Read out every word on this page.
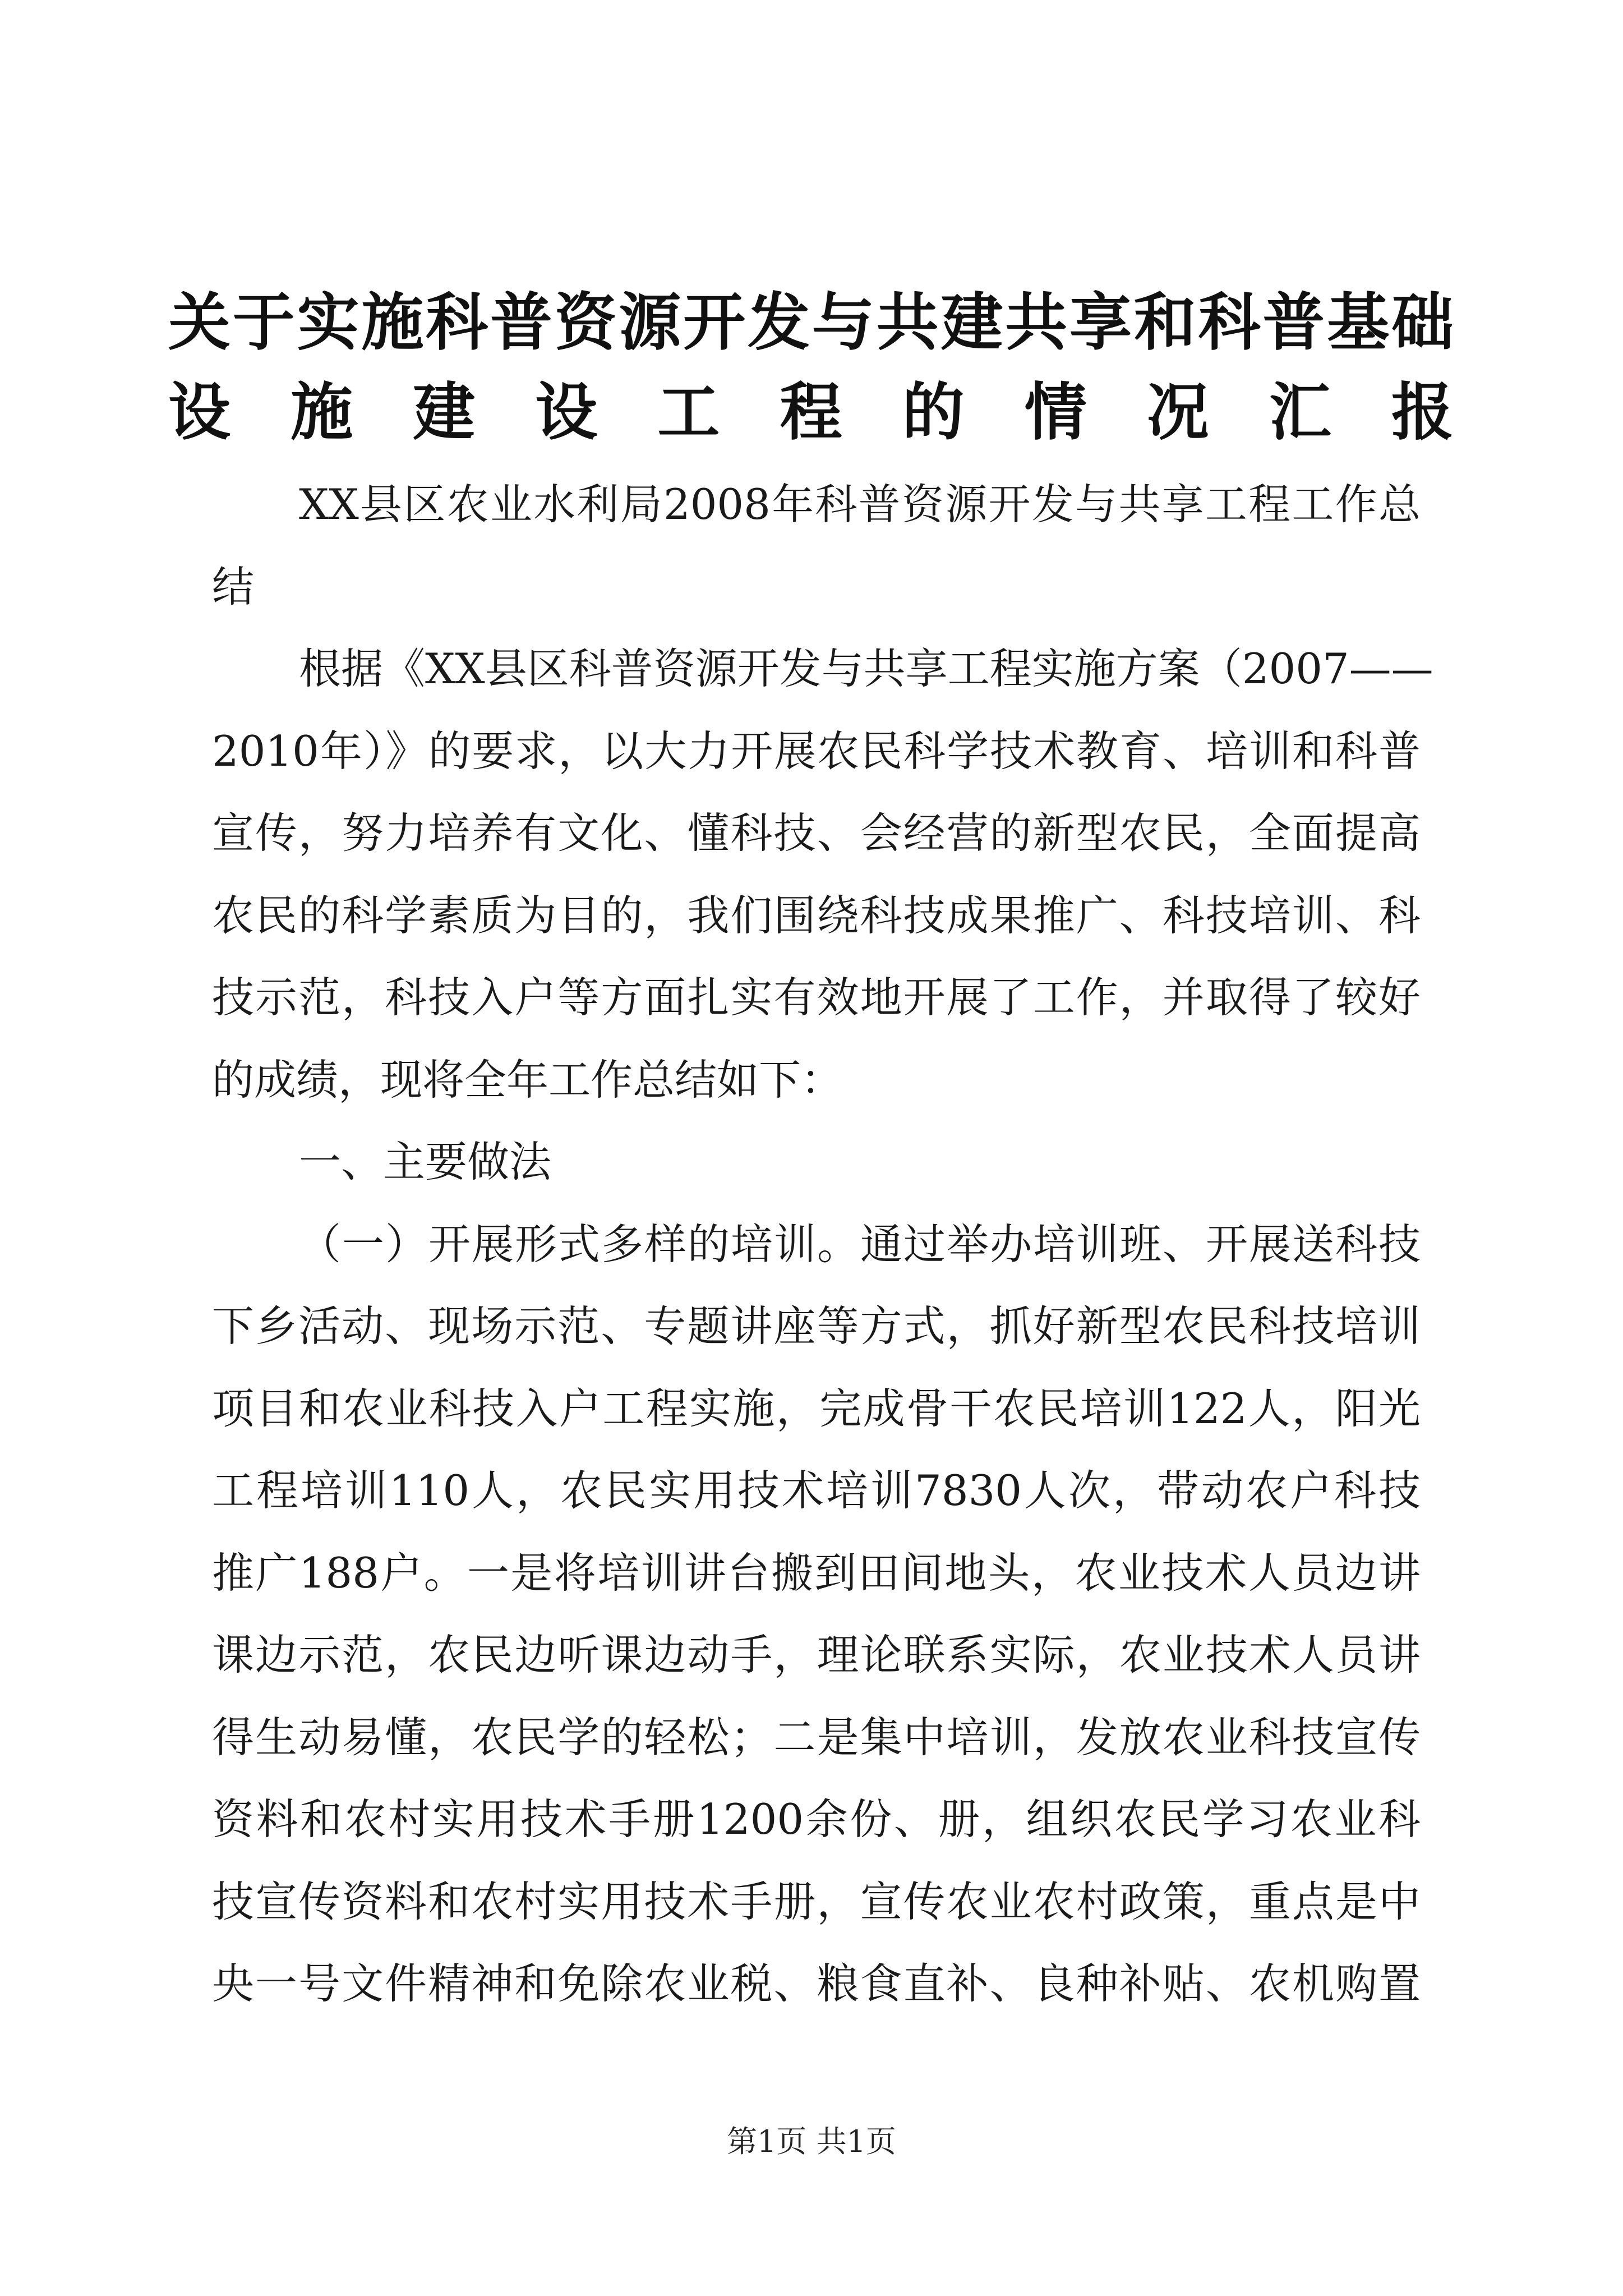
关于实施科普资源开发与共建共享和科普基础
设施建设工程的情况汇报
XX县区农业水利局2008年科普资源开发与共享工程工作总
结
根据《XX县区科普资源开发与共享工程实施方案（2007——
2010年）》的要求，以大力开展农民科学技术教育、培训和科普
宣传，努力培养有文化、懂科技、会经营的新型农民，全面提高
农民的科学素质为目的，我们围绕科技成果推广、科技培训、科
技示范，科技入户等方面扎实有效地开展了工作，并取得了较好
的成绩，现将全年工作总结如下：
一、主要做法
（一）开展形式多样的培训。通过举办培训班、开展送科技
下乡活动、现场示范、专题讲座等方式，抓好新型农民科技培训
项目和农业科技入户工程实施，完成骨干农民培训122人，阳光
工程培训110人，农民实用技术培训7830人次，带动农户科技
推广188户。一是将培训讲台搬到田间地头，农业技术人员边讲
课边示范，农民边听课边动手，理论联系实际，农业技术人员讲
得生动易懂，农民学的轻松；二是集中培训，发放农业科技宣传
资料和农村实用技术手册1200余份、册，组织农民学习农业科
技宣传资料和农村实用技术手册，宣传农业农村政策，重点是中
央一号文件精神和免除农业税、粮食直补、良种补贴、农机购置
第1页 共1页
